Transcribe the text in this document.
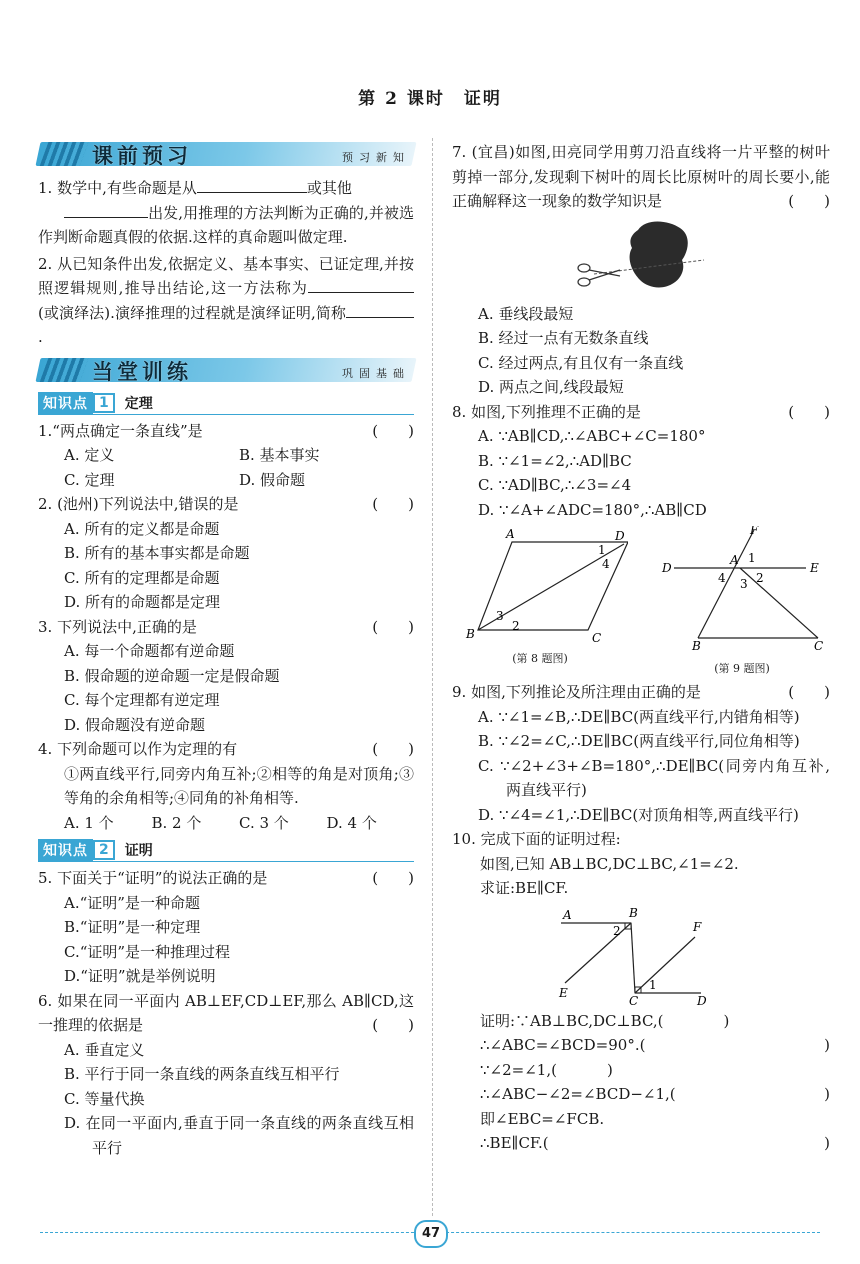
第 2 课时　证明
课前预习	预习新知
1. 数学中,有些命题是从	或其他
出发,用推理的方法判断为正确的,并被选作判断命题真假的依据.这样的真命题叫做定理.
2. 从已知条件出发,依据定义、基本事实、已证定理,并按照逻辑规则,推导出结论,这一方法称为(或演绎法).演绎推理的过程就是演绎证明,简称.
当堂训练	巩固基础
知识点 1	定理
1.“两点确定一条直线”是	(　　)
A. 定义	B. 基本事实
C. 定理	D. 假命题
2. (池州)下列说法中,错误的是	(　　)
A. 所有的定义都是命题
B. 所有的基本事实都是命题
C. 所有的定理都是命题
D. 所有的命题都是定理
3. 下列说法中,正确的是	(　　)
A. 每一个命题都有逆命题
B. 假命题的逆命题一定是假命题
C. 每个定理都有逆定理
D. 假命题没有逆命题
4. 下列命题可以作为定理的有	(　　)
①两直线平行,同旁内角互补;②相等的角是对顶角;③等角的余角相等;④同角的补角相等.
A. 1 个	B. 2 个	C. 3 个	D. 4 个
知识点 2	证明
5. 下面关于“证明”的说法正确的是	(　　)
A.“证明”是一种命题
B.“证明”是一种定理
C.“证明”是一种推理过程
D.“证明”就是举例说明
6. 如果在同一平面内 AB⊥EF,CD⊥EF,那么 AB∥CD,这一推理的依据是	(　　)
A. 垂直定义
B. 平行于同一条直线的两条直线互相平行
C. 等量代换
D. 在同一平面内,垂直于同一条直线的两条直线互相平行
7. (宜昌)如图,田亮同学用剪刀沿直线将一片平整的树叶剪掉一部分,发现剩下树叶的周长比原树叶的周长要小,能正确解释这一现象的数学知识是	(　　)
A. 垂线段最短
B. 经过一点有无数条直线
C. 经过两点,有且仅有一条直线
D. 两点之间,线段最短
8. 如图,下列推理不正确的是	(　　)
A. ∵AB∥CD,∴∠ABC+∠C=180°
B. ∵∠1=∠2,∴AD∥BC
C. ∵AD∥BC,∴∠3=∠4
D. ∵∠A+∠ADC=180°,∴AB∥CD
A	D
B	C
1
4
3
2
(第 8 题图)
F
D	E
A
B	C
1
2
3
4
(第 9 题图)
9. 如图,下列推论及所注理由正确的是	(　　)
A. ∵∠1=∠B,∴DE∥BC(两直线平行,内错角相等)
B. ∵∠2=∠C,∴DE∥BC(两直线平行,同位角相等)
C. ∵∠2+∠3+∠B=180°,∴DE∥BC(同旁内角互补,两直线平行)
D. ∵∠4=∠1,∴DE∥BC(对顶角相等,两直线平行)
10. 完成下面的证明过程:
如图,已知 AB⊥BC,DC⊥BC,∠1=∠2.
求证:BE∥CF.
A	B
F
E
C	D
2
1
证明:∵AB⊥BC,DC⊥BC,(	)
∴∠ABC=∠BCD=90°.(	)
∵∠2=∠1,(	)
∴∠ABC−∠2=∠BCD−∠1,(	)
即∠EBC=∠FCB.
∴BE∥CF.(	)
47
